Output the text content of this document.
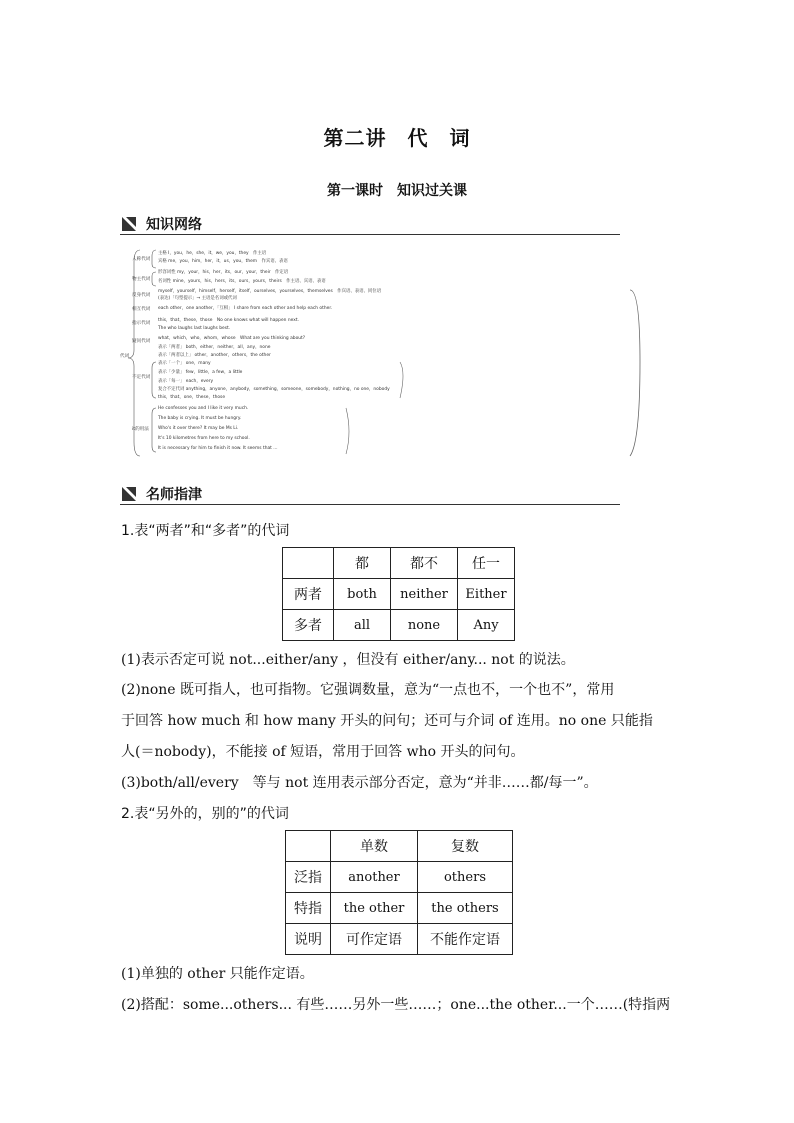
第二讲　代　词
第一课时　知识过关课
知识网络
代词
人称代词
物主代词
反身代词
相互代词
指示代词
疑问代词
不定代词
it的用法
主格 I，you，he，she，it，we，you，they　作主语
宾格 me，you，him，her，it，us，you，them　作宾语、表语
形容词性 my，your，his，her，its，our，your，their　作定语
名词性 mine，yours，his，hers，its，ours，yours，theirs　作主语、宾语、表语
myself，yourself，himself，herself，itself，ourselves，yourselves，themselves　作宾语、表语、同位语
(表达)「句型提示」→ 主语是名词或代词
each other，one another，「互相」 I share from each other and help each other.
this，that，these，those　No one knows what will happen next.
The who laughs last laughs best.
what，which，who，whom，whose　What are you thinking about?
表示「两者」 both，either，neither，all，any，none
表示「两者以上」 other，another，others，the other
表示「一个」 one，many
表示「少量」 few，little，a few，a little
表示「每一」 each，every
复合不定代词 anything，anyone，anybody，something，someone，somebody，nothing，no one，nobody
this，that，one，these，those
He confesses you and I like it very much.
The baby is crying. It must be hungry.
Who's it over there? It may be Ms Li.
It's 10 kilometres from here to my school.
It is necessary for him to finish it now. It seems that ...
名师指津
1.表“两者”和“多者”的代词
	都	都不	任一
两者	both	neither	Either
多者	all	none	Any
(1)表示否定可说 not...either/any ，但没有 either/any... not 的说法。
(2)none 既可指人，也可指物。它强调数量，意为“一点也不，一个也不”，常用
于回答 how much 和 how many 开头的问句；还可与介词 of 连用。no one 只能指
人(＝nobody)，不能接 of 短语，常用于回答 who 开头的问句。
(3)both/all/every　等与 not 连用表示部分否定，意为“并非……都/每一”。
2.表“另外的，别的”的代词
	单数	复数
泛指	another	others
特指	the other	the others
说明	可作定语	不能作定语
(1)单独的 other 只能作定语。
(2)搭配：some...others... 有些……另外一些……；one...the other...一个……(特指两
